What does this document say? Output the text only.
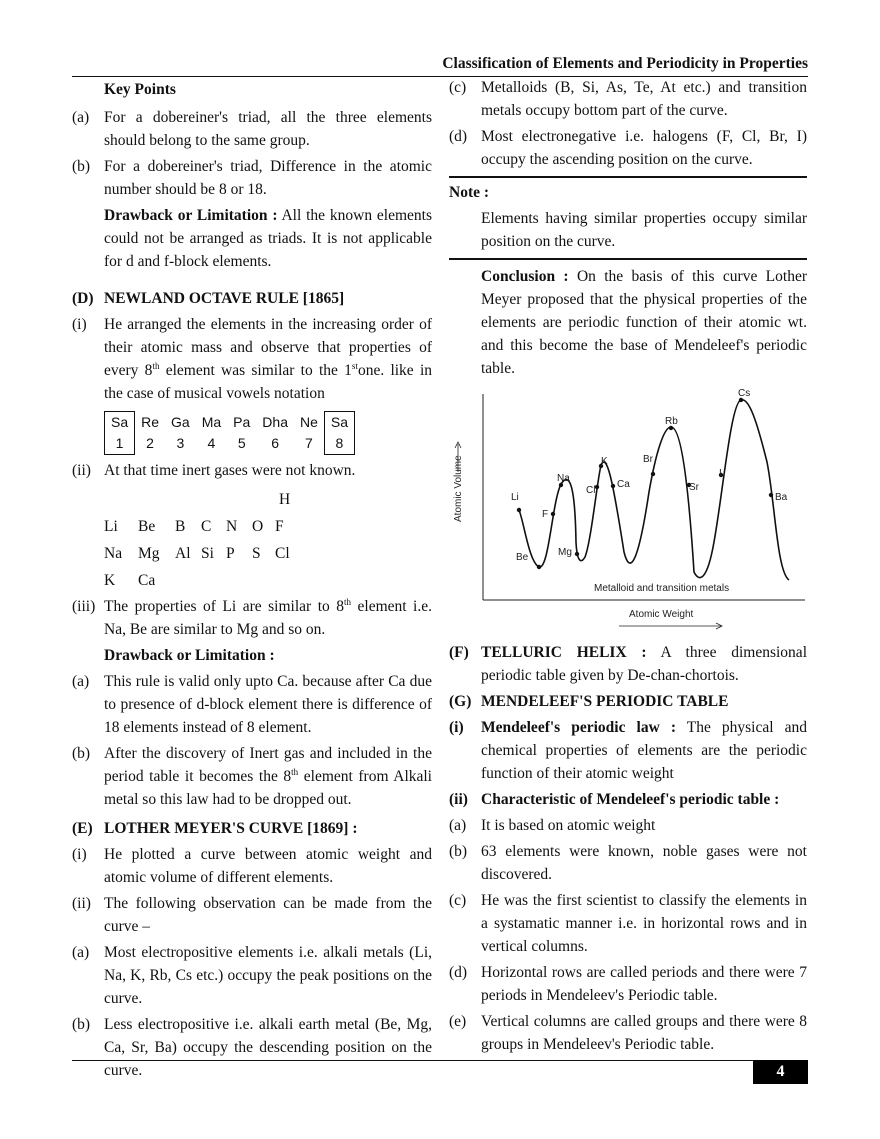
Classification of Elements and Periodicity in Properties

Key Points

(a) For a dobereiner's triad, all the three elements should belong to the same group.
(b) For a dobereiner's triad, Difference in the atomic number should be 8 or 18.

Drawback or Limitation : All the known elements could not be arranged as triads. It is not applicable for d and f-block elements.

(D) NEWLAND OCTAVE RULE [1865]
(i) He arranged the elements in the increasing order of their atomic mass and observe that properties of every 8th element was similar to the 1stone. like in the case of musical vowels notation
Sa	Re	Ga	Ma	Pa	Dha	Ne	Sa
1	2	3	4	5	6	7	8
(ii) At that time inert gases were not known.
H
Li Be B C N O F
Na Mg Al Si P S Cl
K Ca
(iii) The properties of Li are similar to 8th element i.e. Na, Be are similar to Mg and so on.

Drawback or Limitation :

(a) This rule is valid only upto Ca. because after Ca due to presence of d-block element there is difference of 18 elements instead of 8 element.
(b) After the discovery of Inert gas and included in the period table it becomes the 8th element from Alkali metal so this law had to be dropped out.
(E) LOTHER MEYER'S CURVE [1869] :
(i) He plotted a curve between atomic weight and atomic volume of different elements.
(ii) The following observation can be made from the curve –
(a) Most electropositive elements i.e. alkali metals (Li, Na, K, Rb, Cs etc.) occupy the peak positions on the curve.
(b) Less electropositive i.e. alkali earth metal (Be, Mg, Ca, Sr, Ba) occupy the descending position on the curve.
(c) Metalloids (B, Si, As, Te, At etc.) and transition metals occupy bottom part of the curve.
(d) Most electronegative i.e. halogens (F, Cl, Br, I) occupy the ascending position on the curve.

Note :

Elements having similar properties occupy similar position on the curve.

Conclusion : On the basis of this curve Lother Meyer proposed that the physical properties of the elements are periodic function of their atomic wt. and this become the base of Mendeleef's periodic table.

Li
F
Be
Na
Mg
Cl
K
Ca
Br
Rb
Sr
I
Cs
Ba
Atomic Volume
Metalloid and transition metals
Atomic Weight
(F) TELLURIC HELIX : A three dimensional periodic table given by De-chan-chortois.
(G) MENDELEEF'S PERIODIC TABLE
(i) Mendeleef's periodic law : The physical and chemical properties of elements are the periodic function of their atomic weight
(ii) Characteristic of Mendeleef's periodic table :
(a) It is based on atomic weight
(b) 63 elements were known, noble gases were not discovered.
(c) He was the first scientist to classify the elements in a systamatic manner i.e. in horizontal rows and in vertical columns.
(d) Horizontal rows are called periods and there were 7 periods in Mendeleev's Periodic table.
(e) Vertical columns are called groups and there were 8 groups in Mendeleev's Periodic table.
4
